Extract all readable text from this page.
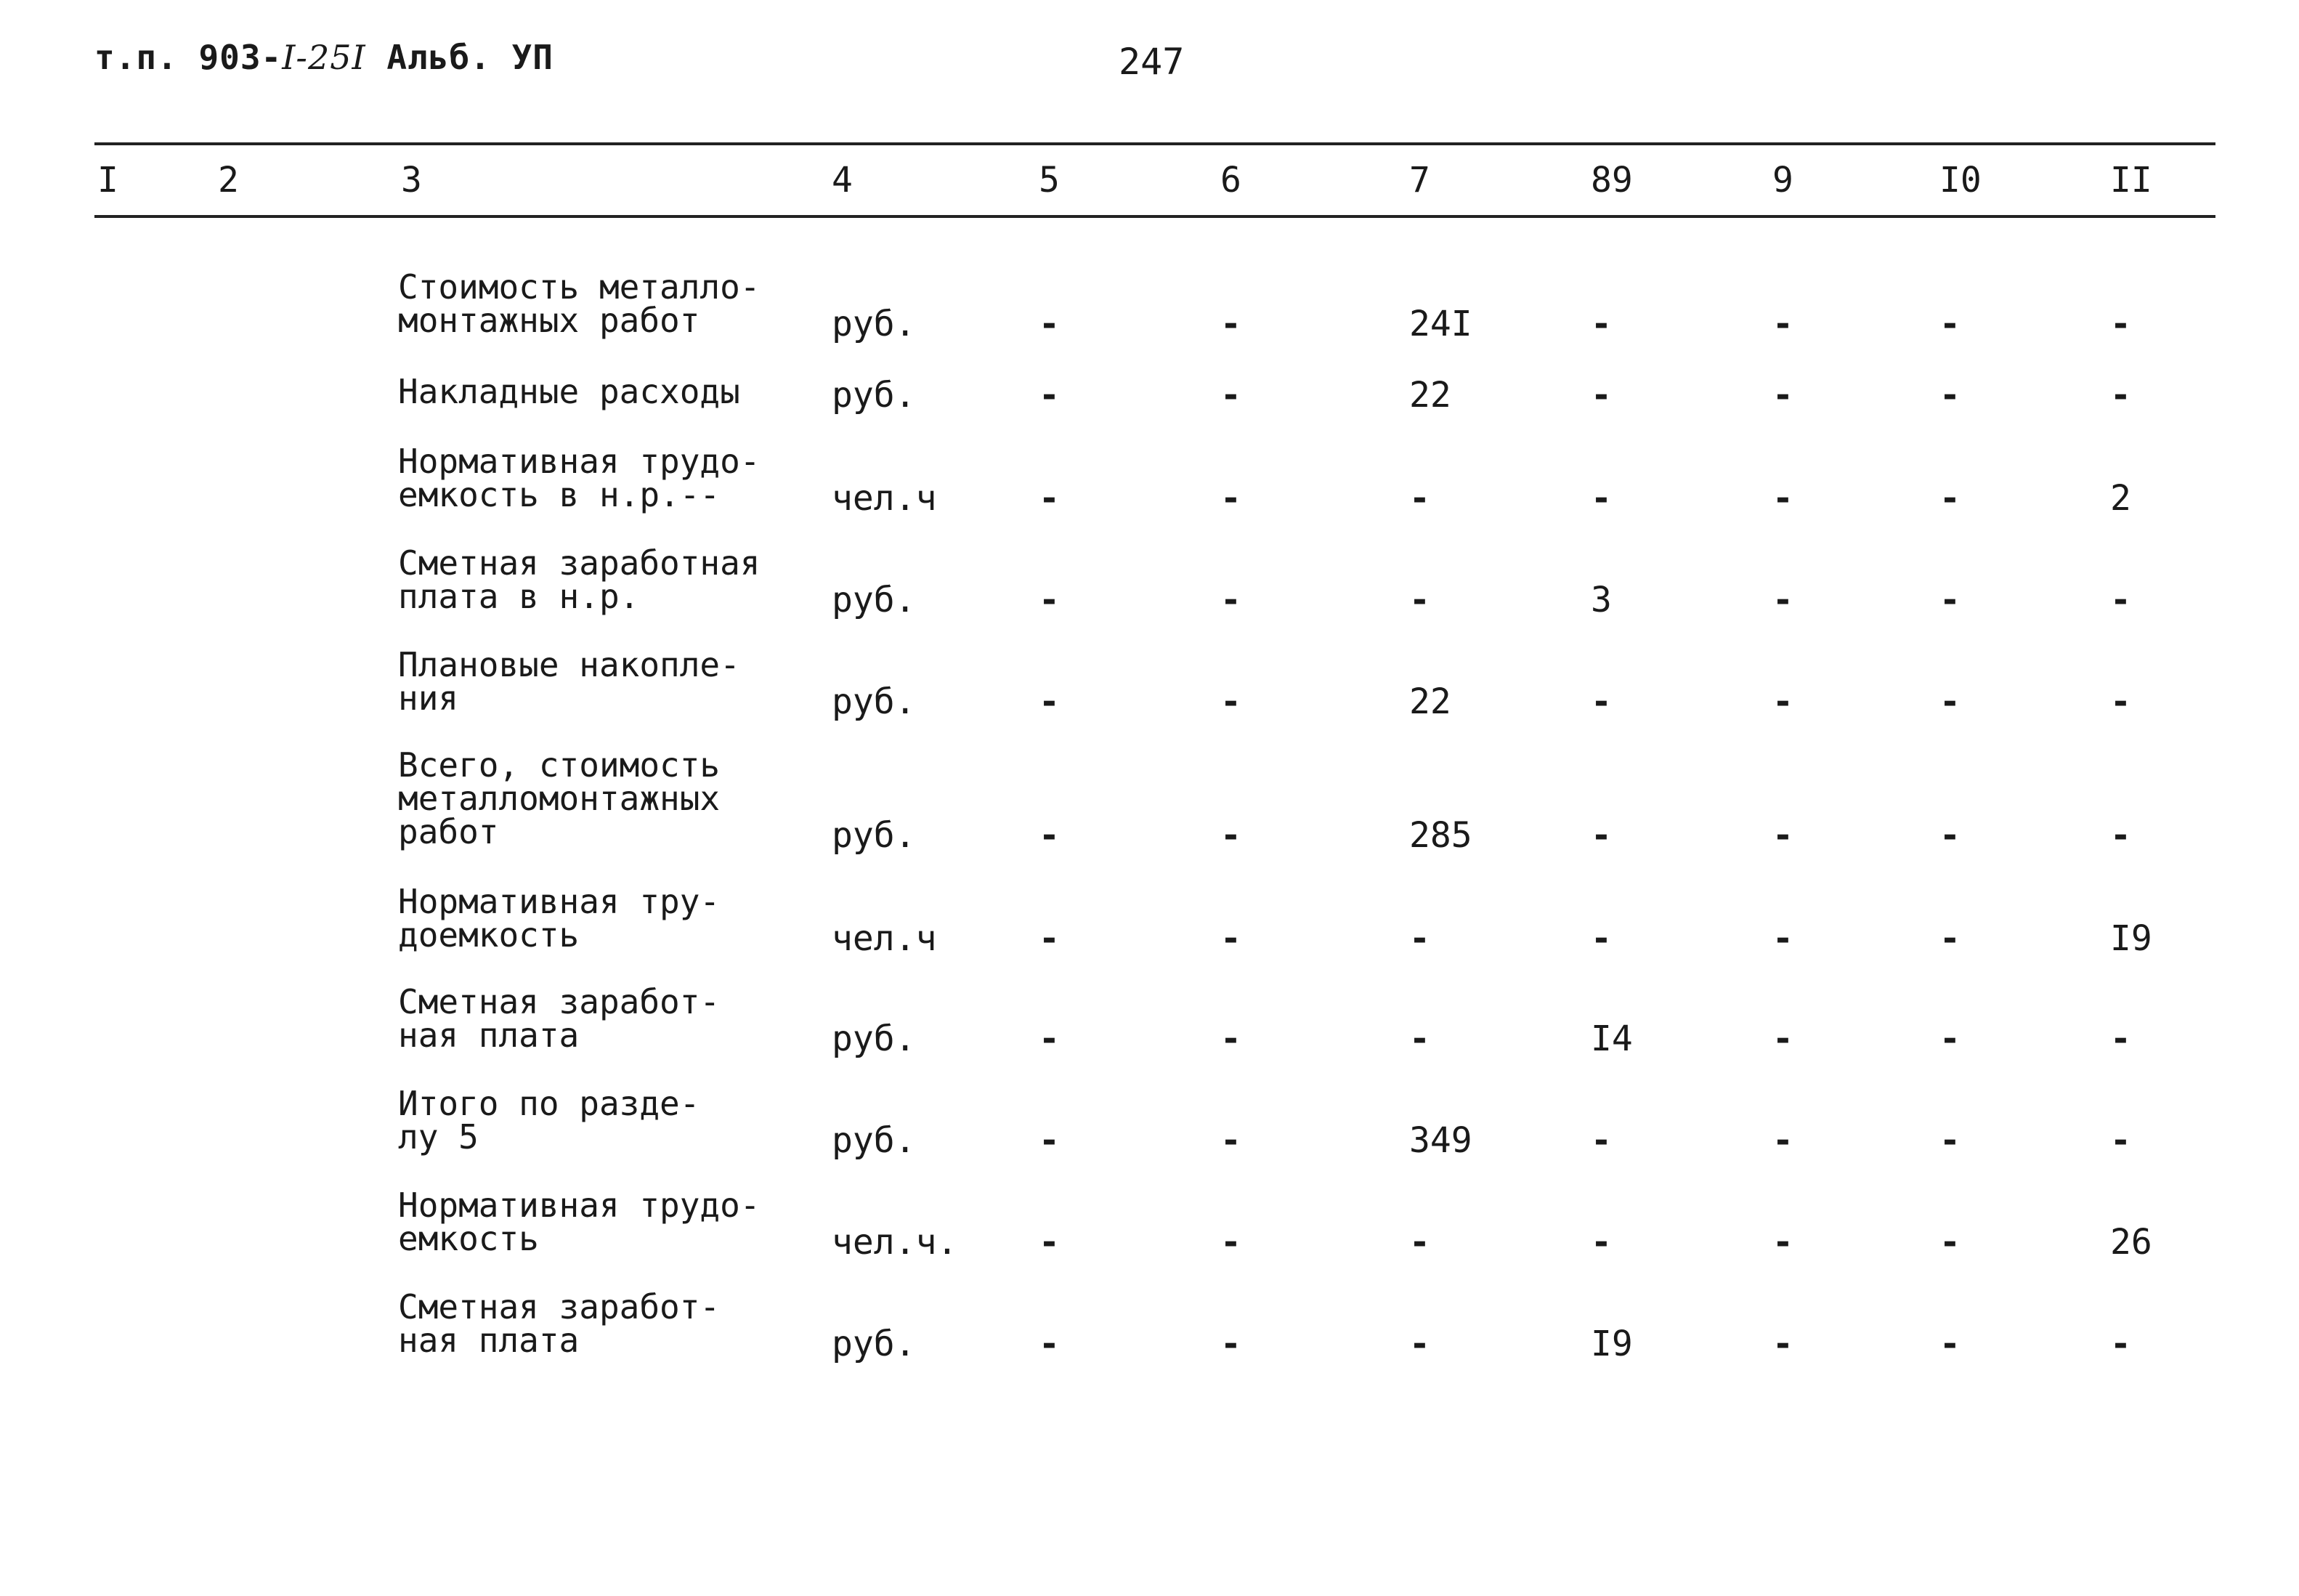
т.п. 903-I-25I Альб. УП	247
I	2	3	4	5	6	7	89	9	I0	II
Стоимость металло-
монтажных работ	руб.	-	-	24I	-	-	-	-
Накладные расходы	руб.	-	-	22	-	-	-	-
Нормативная трудо-
емкость в н.р.--	чел.ч	-	-	-	-	-	-	2
Сметная заработная
плата в н.р.	руб.	-	-	-	3	-	-	-
Плановые накопле-
ния	руб.	-	-	22	-	-	-	-
Всего, стоимость
металломонтажных
работ	руб.	-	-	285	-	-	-	-
Нормативная тру-
доемкость	чел.ч	-	-	-	-	-	-	I9
Сметная заработ-
ная плата	руб.	-	-	-	I4	-	-	-
Итого по разде-
лу 5	руб.	-	-	349	-	-	-	-
Нормативная трудо-
емкость	чел.ч. -	-	-	-	-	-	26
Сметная заработ-
ная плата	руб.	-	-	-	I9	-	-	-
